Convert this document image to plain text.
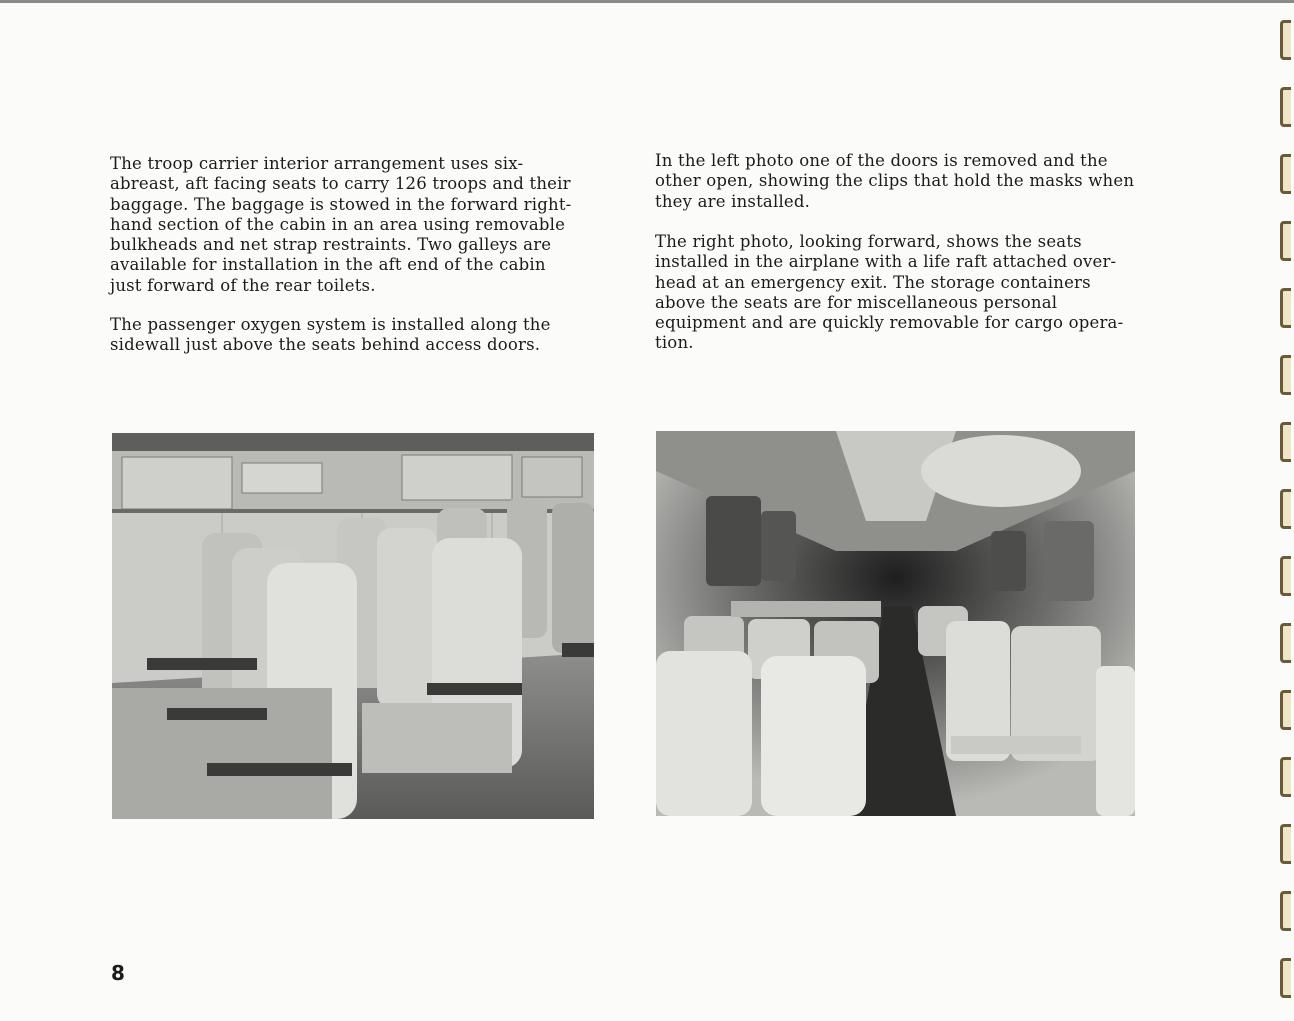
The troop carrier interior arrangement uses six-
abreast, aft facing seats to carry 126 troops and their
baggage. The baggage is stowed in the forward right-
hand section of the cabin in an area using removable
bulkheads and net strap restraints. Two galleys are
available for installation in the aft end of the cabin
just forward of the rear toilets.

The passenger oxygen system is installed along the
sidewall just above the seats behind access doors.

In the left photo one of the doors is removed and the
other open, showing the clips that hold the masks when
they are installed.

The right photo, looking forward, shows the seats
installed in the airplane with a life raft attached over-
head at an emergency exit. The storage containers
above the seats are for miscellaneous personal
equipment and are quickly removable for cargo opera-
tion.

8
